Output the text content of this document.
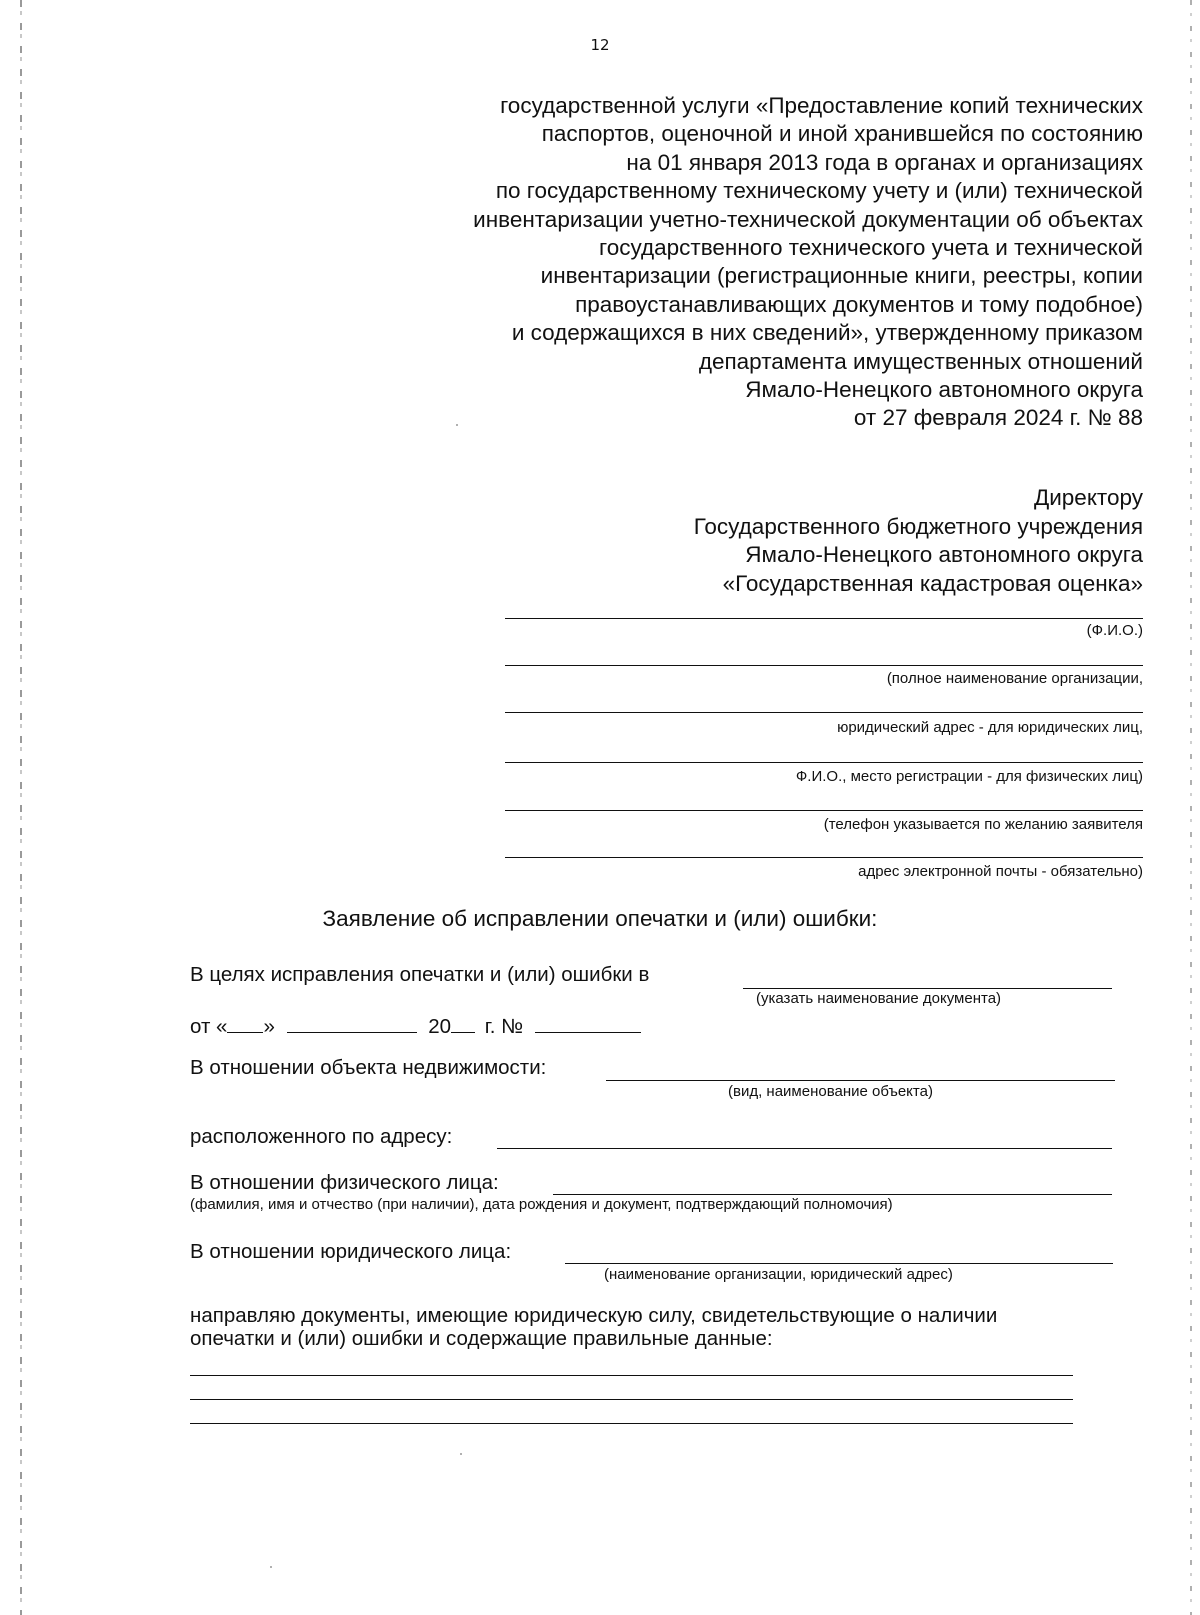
12
государственной услуги «Предоставление копий технических
паспортов, оценочной и иной хранившейся по состоянию
на 01 января 2013 года в органах и организациях
по государственному техническому учету и (или) технической
инвентаризации учетно-технической документации об объектах
государственного технического учета и технической
инвентаризации (регистрационные книги, реестры, копии
правоустанавливающих документов и тому подобное)
и содержащихся в них сведений», утвержденному приказом
департамента имущественных отношений
Ямало-Ненецкого автономного округа
от 27 февраля 2024 г. № 88
Директору
Государственного бюджетного учреждения
Ямало-Ненецкого автономного округа
«Государственная кадастровая оценка»
(Ф.И.О.)
(полное наименование организации,
юридический адрес - для юридических лиц,
Ф.И.О., место регистрации - для физических лиц)
(телефон указывается по желанию заявителя
адрес электронной почты - обязательно)
Заявление об исправлении опечатки и (или) ошибки:
В целях исправления опечатки и (или) ошибки в
(указать наименование документа)
от « »	20 г. №
В отношении объекта недвижимости:
(вид, наименование объекта)
расположенного по адресу:
В отношении физического лица:
(фамилия, имя и отчество (при наличии), дата рождения и документ, подтверждающий полномочия)
В отношении юридического лица:
(наименование организации, юридический адрес)
направляю документы, имеющие юридическую силу, свидетельствующие о наличии
опечатки и (или) ошибки и содержащие правильные данные:
